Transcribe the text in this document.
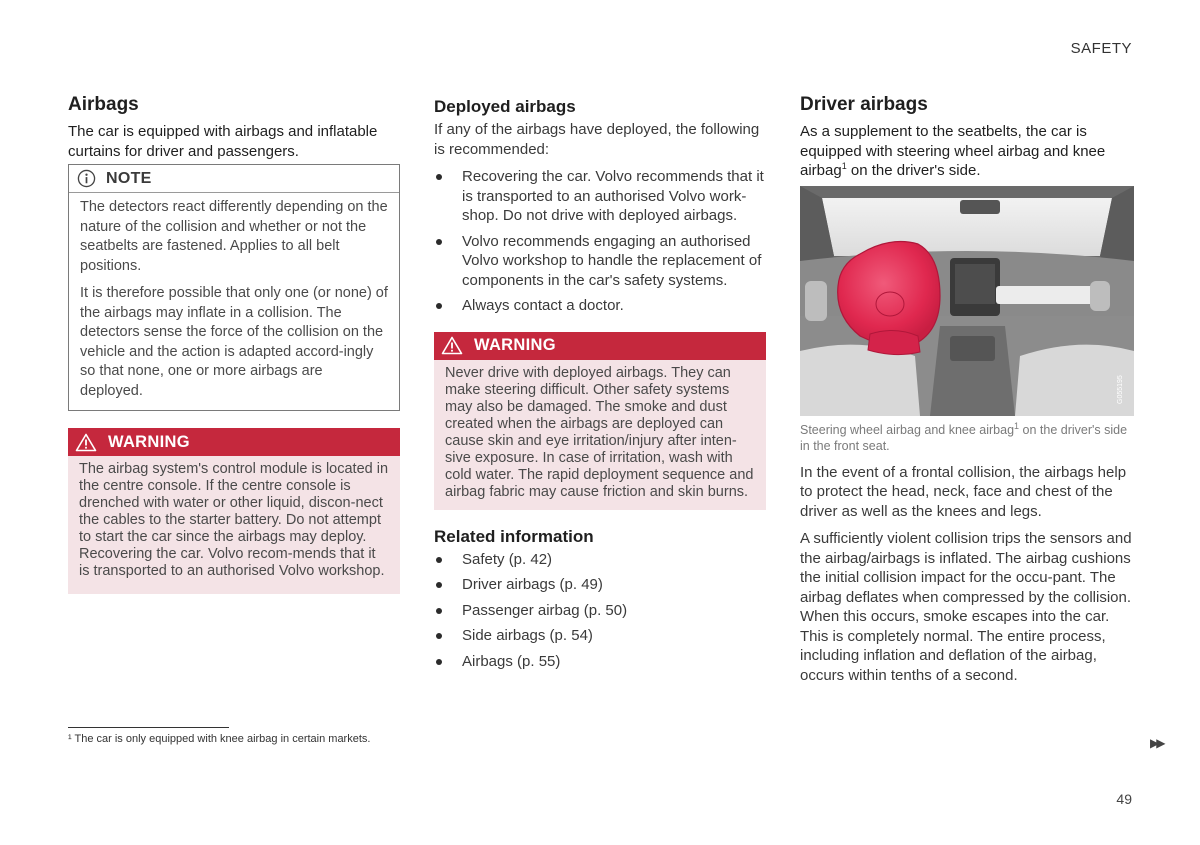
SAFETY
Airbags

The car is equipped with airbags and inflatable curtains for driver and passengers.

NOTE

The detectors react differently depending on the nature of the collision and whether or not the seatbelts are fastened. Applies to all belt positions.

It is therefore possible that only one (or none) of the airbags may inflate in a collision. The detectors sense the force of the collision on the vehicle and the action is adapted accord-ingly so that none, one or more airbags are deployed.

WARNING

The airbag system's control module is located in the centre console. If the centre console is drenched with water or other liquid, discon-nect the cables to the starter battery. Do not attempt to start the car since the airbags may deploy. Recovering the car. Volvo recom-mends that it is transported to an authorised Volvo workshop.

Deployed airbags

If any of the airbags have deployed, the following is recommended:

Recovering the car. Volvo recommends that it is transported to an authorised Volvo work-shop. Do not drive with deployed airbags.
Volvo recommends engaging an authorised Volvo workshop to handle the replacement of components in the car's safety systems.
Always contact a doctor.
WARNING

Never drive with deployed airbags. They can make steering difficult. Other safety systems may also be damaged. The smoke and dust created when the airbags are deployed can cause skin and eye irritation/injury after inten-sive exposure. In case of irritation, wash with cold water. The rapid deployment sequence and airbag fabric may cause friction and skin burns.

Related information
Safety (p. 42)
Driver airbags (p. 49)
Passenger airbag (p. 50)
Side airbags (p. 54)
Airbags (p. 55)
Driver airbags

As a supplement to the seatbelts, the car is equipped with steering wheel airbag and knee airbag$^1$ on the driver's side.

G055195

Steering wheel airbag and knee airbag$^1$ on the driver's side in the front seat.

In the event of a frontal collision, the airbags help to protect the head, neck, face and chest of the driver as well as the knees and legs.

A sufficiently violent collision trips the sensors and the airbag/airbags is inflated. The airbag cushions the initial collision impact for the occu-pant. The airbag deflates when compressed by the collision. When this occurs, smoke escapes into the car. This is completely normal. The entire process, including inflation and deflation of the airbag, occurs within tenths of a second.

¹ The car is only equipped with knee airbag in certain markets.	▶▶
49
